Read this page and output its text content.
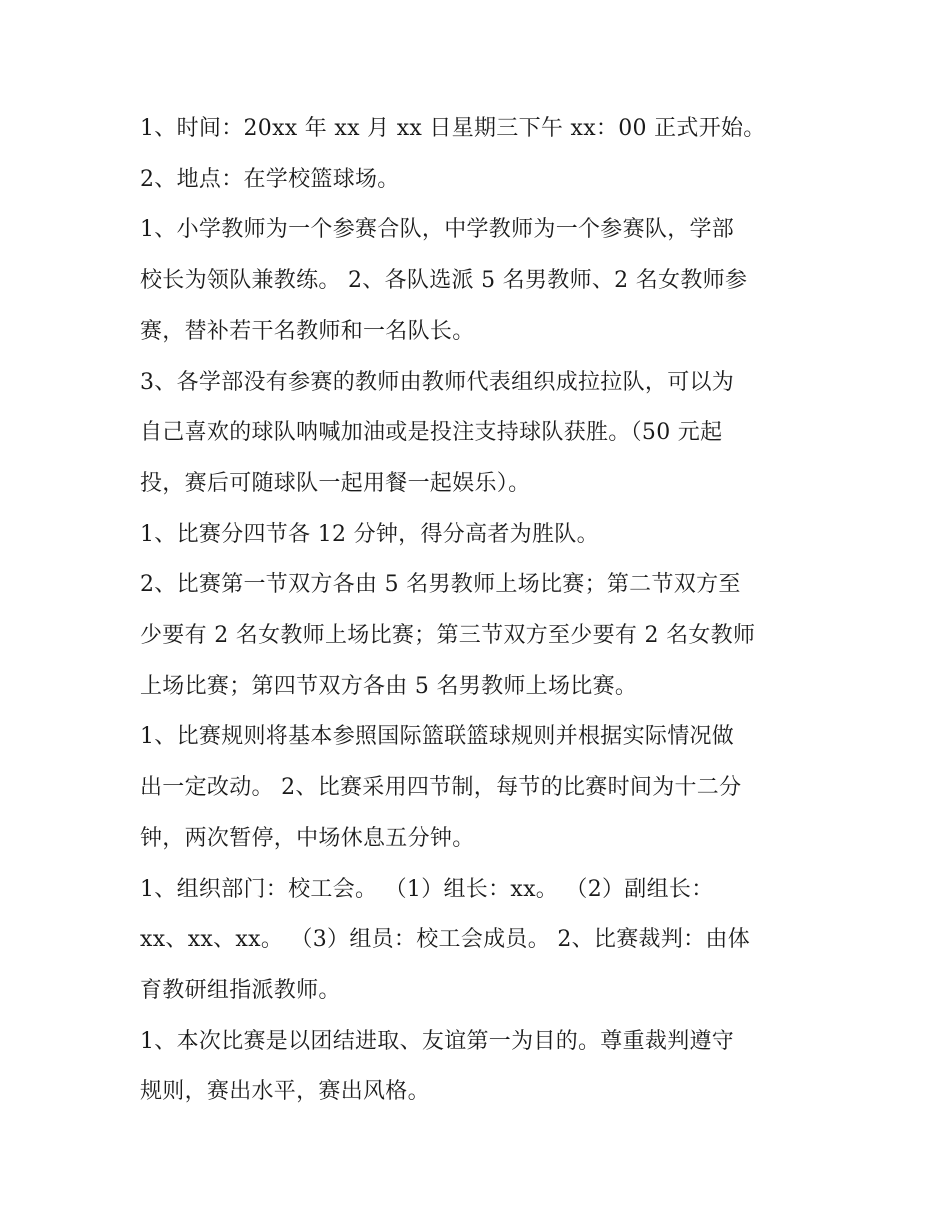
1、时间：20xx 年 xx 月 xx 日星期三下午 xx：00 正式开始。

2、地点：在学校篮球场。

1、小学教师为一个参赛合队，中学教师为一个参赛队，学部
校长为领队兼教练。 2、各队选派 5 名男教师、2 名女教师参
赛，替补若干名教师和一名队长。

3、各学部没有参赛的教师由教师代表组织成拉拉队，可以为
自己喜欢的球队呐喊加油或是投注支持球队获胜。（50 元起
投，赛后可随球队一起用餐一起娱乐）。

1、比赛分四节各 12 分钟，得分高者为胜队。

2、比赛第一节双方各由 5 名男教师上场比赛；第二节双方至
少要有 2 名女教师上场比赛；第三节双方至少要有 2 名女教师
上场比赛；第四节双方各由 5 名男教师上场比赛。

1、比赛规则将基本参照国际篮联篮球规则并根据实际情况做
出一定改动。 2、比赛采用四节制，每节的比赛时间为十二分
钟，两次暂停，中场休息五分钟。

1、组织部门：校工会。 （1）组长：xx。 （2）副组长：
xx、xx、xx。 （3）组员：校工会成员。 2、比赛裁判：由体
育教研组指派教师。

1、本次比赛是以团结进取、友谊第一为目的。尊重裁判遵守
规则，赛出水平，赛出风格。
